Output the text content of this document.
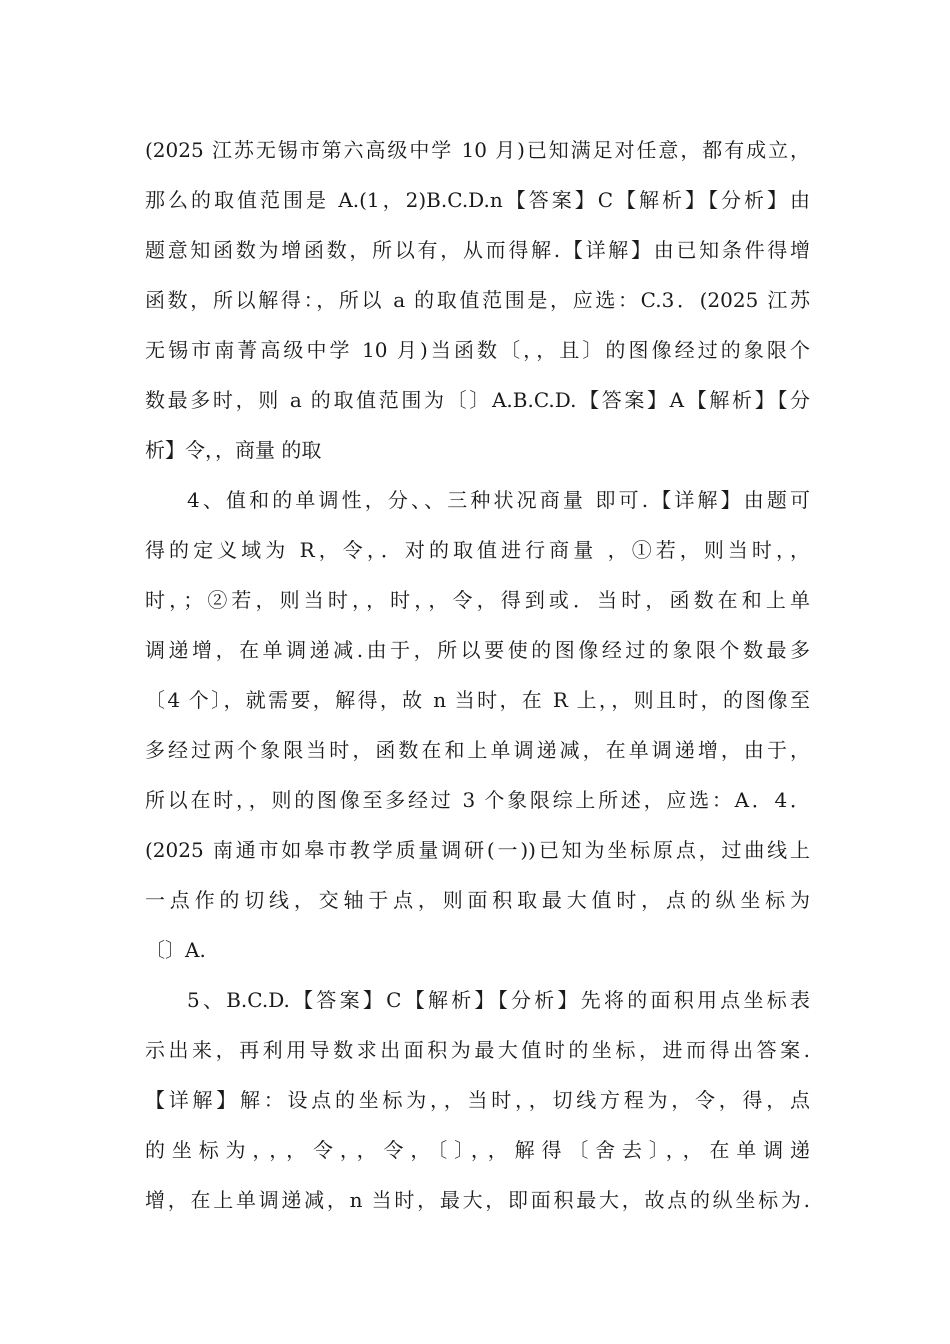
(2025 江苏无锡市第六高级中学 10 月)已知满足对任意，都有成立，
那么的取值范围是 A.(1，2)B.C.D.n【答案】C【解析】【分析】由
题意知函数为增函数，所以有，从而得解.【详解】由已知条件得增
函数，所以解得：，所以 a 的取值范围是，应选：C.3．(2025 江苏
无锡市南菁高级中学 10 月)当函数〔，，且〕的图像经过的象限个
数最多时，则 a 的取值范围为〔〕A.B.C.D.【答案】A【解析】【分
析】令，，商量 的取
4、值和的单调性，分、、三种状况商量 即可.【详解】由题可
得的定义域为 R，令，．对的取值进行商量 ，①若，则当时，，
时，；②若，则当时，，时，，令，得到或．当时，函数在和上单
调递增，在单调递减.由于，所以要使的图像经过的象限个数最多
〔4 个〕，就需要，解得，故 n 当时，在 R 上，，则且时，的图像至
多经过两个象限当时，函数在和上单调递减，在单调递增，由于，
所以在时，，则的图像至多经过 3 个象限综上所述，应选：A．4．
(2025 南通市如皋市教学质量调研(一))已知为坐标原点，过曲线上
一点作的切线，交轴于点，则面积取最大值时，点的纵坐标为
〔〕A.
5、B.C.D.【答案】C【解析】【分析】先将的面积用点坐标表
示出来，再利用导数求出面积为最大值时的坐标，进而得出答案.
【详解】解：设点的坐标为，，当时，，切线方程为，令，得，点
的坐标为，，，令，，令，〔〕，，解得〔舍去〕，，在单调递
增，在上单调递减，n 当时，最大，即面积最大，故点的纵坐标为.
